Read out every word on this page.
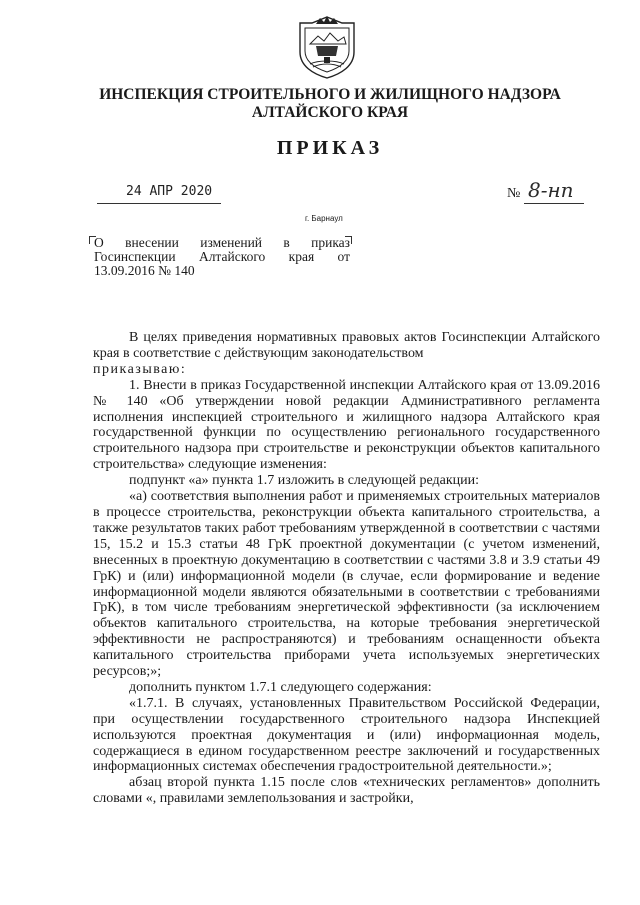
ИНСПЕКЦИЯ СТРОИТЕЛЬНОГО И ЖИЛИЩНОГО НАДЗОРА
АЛТАЙСКОГО КРАЯ
ПРИКАЗ
24 АПР 2020	№ 8-нп
г. Барнаул
О внесении изменений в приказ
Госинспекции Алтайского края от
13.09.2016 № 140

В целях приведения нормативных правовых актов Госинспекции Алтайского края в соответствие с действующим законодательством

приказываю:

1. Внести в приказ Государственной инспекции Алтайского края от 13.09.2016 № 140 «Об утверждении новой редакции Административного регламента исполнения инспекцией строительного и жилищного надзора Алтайского края государственной функции по осуществлению регионального государственного строительного надзора при строительстве и реконструкции объектов капитального строительства» следующие изменения:

подпункт «а» пункта 1.7 изложить в следующей редакции:

«а) соответствия выполнения работ и применяемых строительных материалов в процессе строительства, реконструкции объекта капитального строительства, а также результатов таких работ требованиям утвержденной в соответствии с частями 15, 15.2 и 15.3 статьи 48 ГрК проектной документации (с учетом изменений, внесенных в проектную документацию в соответствии с частями 3.8 и 3.9 статьи 49 ГрК) и (или) информационной модели (в случае, если формирование и ведение информационной модели являются обязательными в соответствии с требованиями ГрК), в том числе требованиям энергетической эффективности (за исключением объектов капитального строительства, на которые требования энергетической эффективности не распространяются) и требованиям оснащенности объекта капитального строительства приборами учета используемых энергетических ресурсов;»;

дополнить пунктом 1.7.1 следующего содержания:

«1.7.1. В случаях, установленных Правительством Российской Федерации, при осуществлении государственного строительного надзора Инспекцией используются проектная документация и (или) информационная модель, содержащиеся в едином государственном реестре заключений и государственных информационных системах обеспечения градостроительной деятельности.»;

абзац второй пункта 1.15 после слов «технических регламентов» дополнить словами «, правилами землепользования и застройки,
